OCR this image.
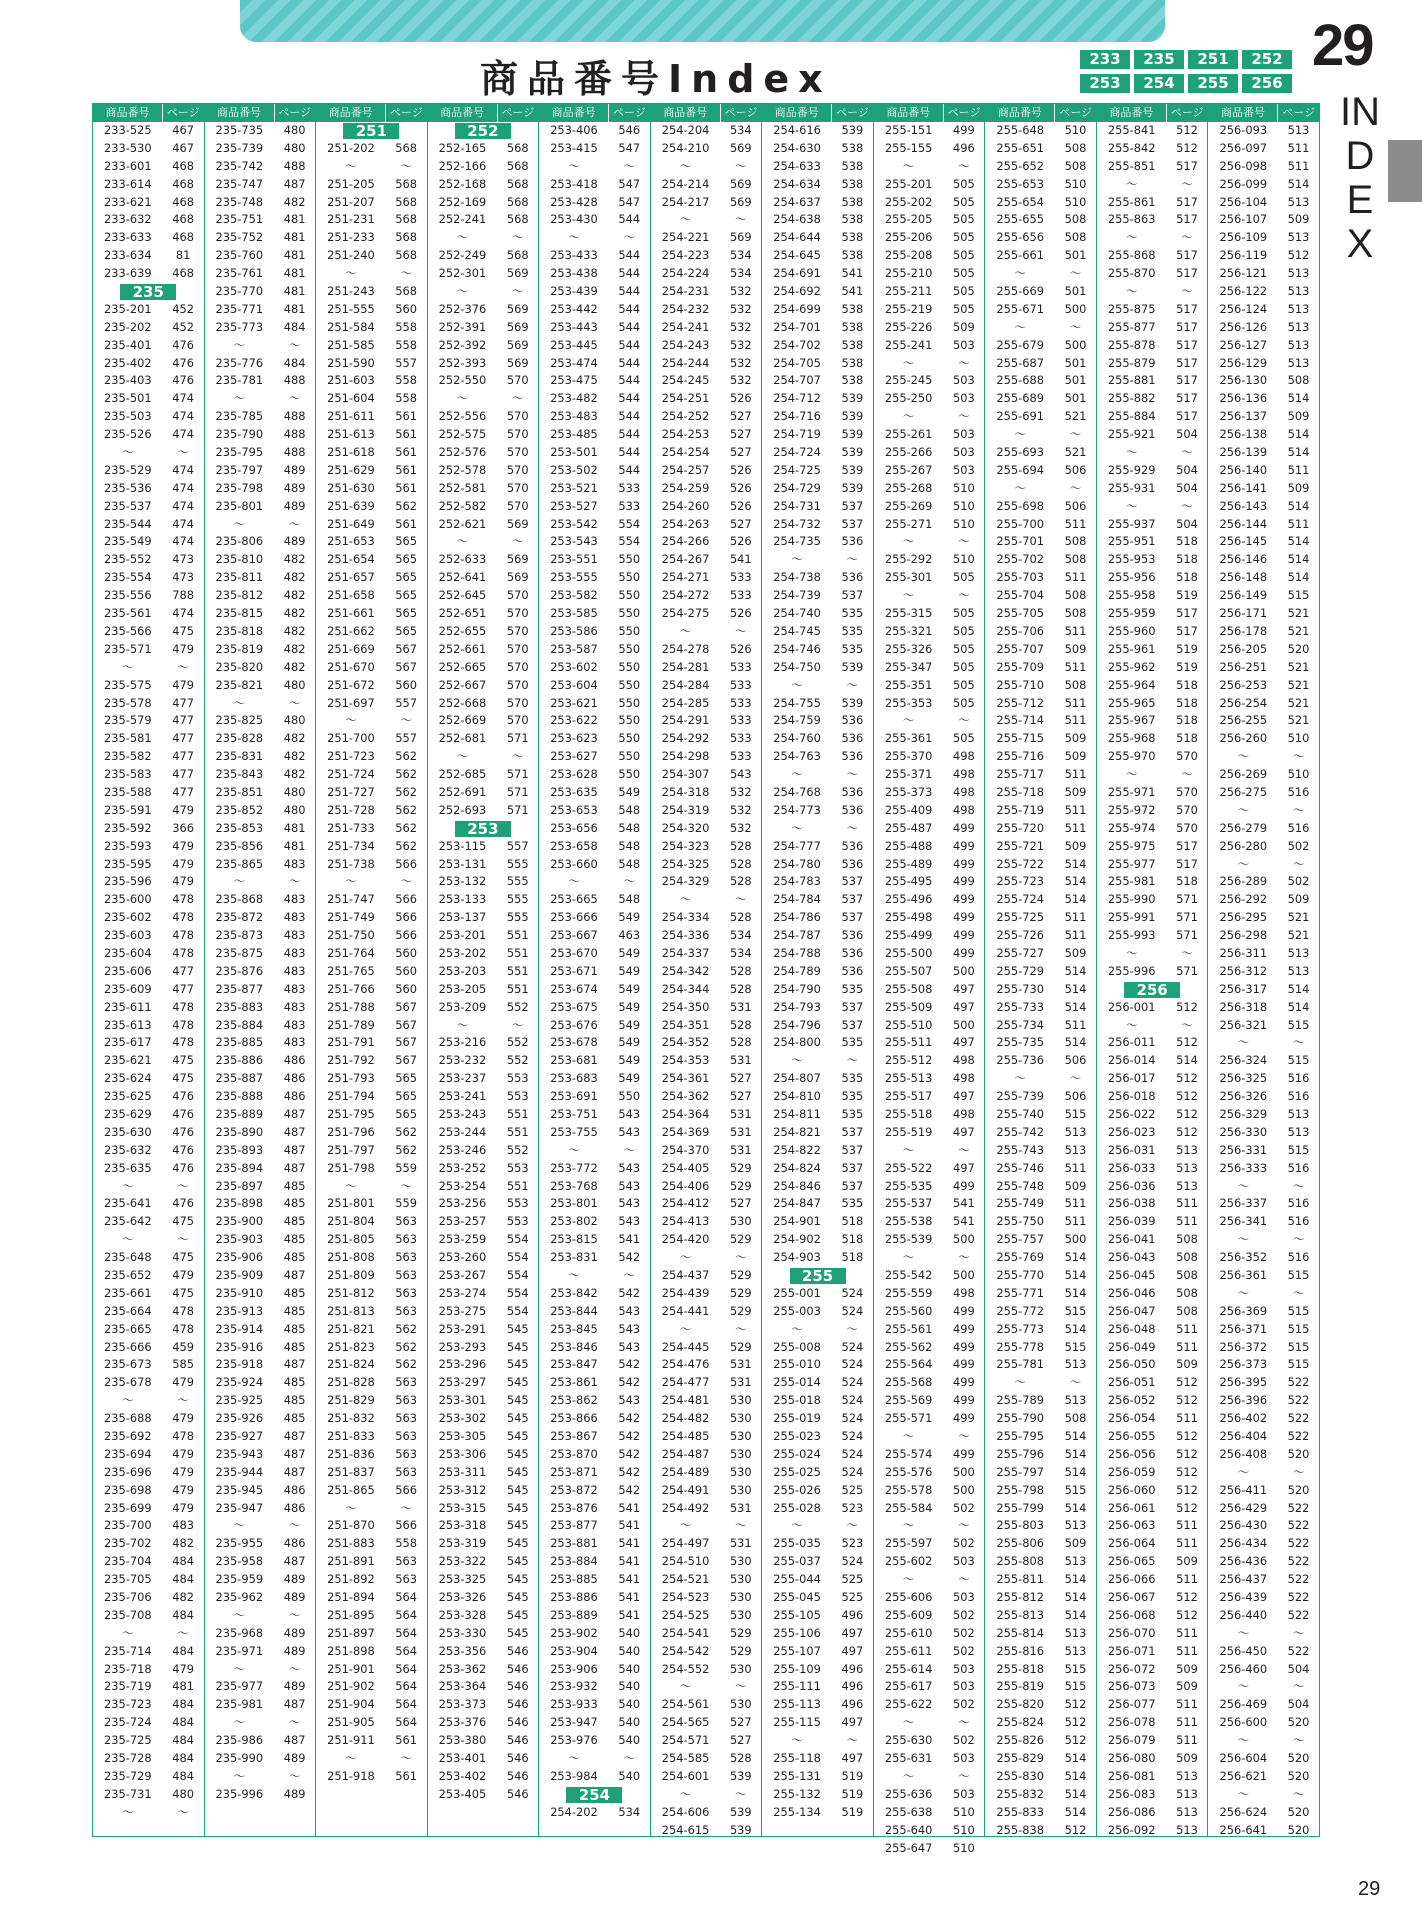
商品番号Index	233	235	251	252
253	254	255	256
29
INDEX
商品番号	ページ
233-525	467
233-530	467
233-601	468
233-614	468
233-621	468
233-632	468
233-633	468
233-634	81
233-639	468
235
235-201	452
235-202	452
235-401	476
235-402	476
235-403	476
235-501	474
235-503	474
235-526	474
～	～
235-529	474
235-536	474
235-537	474
235-544	474
235-549	474
235-552	473
235-554	473
235-556	788
235-561	474
235-566	475
235-571	479
～	～
235-575	479
235-578	477
235-579	477
235-581	477
235-582	477
235-583	477
235-588	477
235-591	479
235-592	366
235-593	479
235-595	479
235-596	479
235-600	478
235-602	478
235-603	478
235-604	478
235-606	477
235-609	477
235-611	478
235-613	478
235-617	478
235-621	475
235-624	475
235-625	476
235-629	476
235-630	476
235-632	476
235-635	476
～	～
235-641	476
235-642	475
～	～
235-648	475
235-652	479
235-661	475
235-664	478
235-665	478
235-666	459
235-673	585
235-678	479
～	～
235-688	479
235-692	478
235-694	479
235-696	479
235-698	479
235-699	479
235-700	483
235-702	482
235-704	484
235-705	484
235-706	482
235-708	484
～	～
235-714	484
235-718	479
235-719	481
235-723	484
235-724	484
235-725	484
235-728	484
235-729	484
235-731	480
～	～
商品番号	ページ
235-735	480
235-739	480
235-742	488
235-747	487
235-748	482
235-751	481
235-752	481
235-760	481
235-761	481
235-770	481
235-771	481
235-773	484
～	～
235-776	484
235-781	488
～	～
235-785	488
235-790	488
235-795	488
235-797	489
235-798	489
235-801	489
～	～
235-806	489
235-810	482
235-811	482
235-812	482
235-815	482
235-818	482
235-819	482
235-820	482
235-821	480
～	～
235-825	480
235-828	482
235-831	482
235-843	482
235-851	480
235-852	480
235-853	481
235-856	481
235-865	483
～	～
235-868	483
235-872	483
235-873	483
235-875	483
235-876	483
235-877	483
235-883	483
235-884	483
235-885	483
235-886	486
235-887	486
235-888	486
235-889	487
235-890	487
235-893	487
235-894	487
235-897	485
235-898	485
235-900	485
235-903	485
235-906	485
235-909	487
235-910	485
235-913	485
235-914	485
235-916	485
235-918	487
235-924	485
235-925	485
235-926	485
235-927	487
235-943	487
235-944	487
235-945	486
235-947	486
～	～
235-955	486
235-958	487
235-959	489
235-962	489
～	～
235-968	489
235-971	489
～	～
235-977	489
235-981	487
～	～
235-986	487
235-990	489
～	～
235-996	489
商品番号	ページ
251
251-202	568
～	～
251-205	568
251-207	568
251-231	568
251-233	568
251-240	568
～	～
251-243	568
251-555	560
251-584	558
251-585	558
251-590	557
251-603	558
251-604	558
251-611	561
251-613	561
251-618	561
251-629	561
251-630	561
251-639	562
251-649	561
251-653	565
251-654	565
251-657	565
251-658	565
251-661	565
251-662	565
251-669	567
251-670	567
251-672	560
251-697	557
～	～
251-700	557
251-723	562
251-724	562
251-727	562
251-728	562
251-733	562
251-734	562
251-738	566
～	～
251-747	566
251-749	566
251-750	566
251-764	560
251-765	560
251-766	560
251-788	567
251-789	567
251-791	567
251-792	567
251-793	565
251-794	565
251-795	565
251-796	562
251-797	562
251-798	559
～	～
251-801	559
251-804	563
251-805	563
251-808	563
251-809	563
251-812	563
251-813	563
251-821	562
251-823	562
251-824	562
251-828	563
251-829	563
251-832	563
251-833	563
251-836	563
251-837	563
251-865	566
～	～
251-870	566
251-883	558
251-891	563
251-892	563
251-894	564
251-895	564
251-897	564
251-898	564
251-901	564
251-902	564
251-904	564
251-905	564
251-911	561
～	～
251-918	561
商品番号	ページ
252
252-165	568
252-166	568
252-168	568
252-169	568
252-241	568
～	～
252-249	568
252-301	569
～	～
252-376	569
252-391	569
252-392	569
252-393	569
252-550	570
～	～
252-556	570
252-575	570
252-576	570
252-578	570
252-581	570
252-582	570
252-621	569
～	～
252-633	569
252-641	569
252-645	570
252-651	570
252-655	570
252-661	570
252-665	570
252-667	570
252-668	570
252-669	570
252-681	571
～	～
252-685	571
252-691	571
252-693	571
253
253-115	557
253-131	555
253-132	555
253-133	555
253-137	555
253-201	551
253-202	551
253-203	551
253-205	551
253-209	552
～	～
253-216	552
253-232	552
253-237	553
253-241	553
253-243	551
253-244	551
253-246	552
253-252	553
253-254	551
253-256	553
253-257	553
253-259	554
253-260	554
253-267	554
253-274	554
253-275	554
253-291	545
253-293	545
253-296	545
253-297	545
253-301	545
253-302	545
253-305	545
253-306	545
253-311	545
253-312	545
253-315	545
253-318	545
253-319	545
253-322	545
253-325	545
253-326	545
253-328	545
253-330	545
253-356	546
253-362	546
253-364	546
253-373	546
253-376	546
253-380	546
253-401	546
253-402	546
253-405	546
商品番号	ページ
253-406	546
253-415	547
～	～
253-418	547
253-428	547
253-430	544
～	～
253-433	544
253-438	544
253-439	544
253-442	544
253-443	544
253-445	544
253-474	544
253-475	544
253-482	544
253-483	544
253-485	544
253-501	544
253-502	544
253-521	533
253-527	533
253-542	554
253-543	554
253-551	550
253-555	550
253-582	550
253-585	550
253-586	550
253-587	550
253-602	550
253-604	550
253-621	550
253-622	550
253-623	550
253-627	550
253-628	550
253-635	549
253-653	548
253-656	548
253-658	548
253-660	548
～	～
253-665	548
253-666	549
253-667	463
253-670	549
253-671	549
253-674	549
253-675	549
253-676	549
253-678	549
253-681	549
253-683	549
253-691	550
253-751	543
253-755	543
～	～
253-772	543
253-768	543
253-801	543
253-802	543
253-815	541
253-831	542
～	～
253-842	542
253-844	543
253-845	543
253-846	543
253-847	542
253-861	542
253-862	543
253-866	542
253-867	542
253-870	542
253-871	542
253-872	542
253-876	541
253-877	541
253-881	541
253-884	541
253-885	541
253-886	541
253-889	541
253-902	540
253-904	540
253-906	540
253-932	540
253-933	540
253-947	540
253-976	540
～	～
253-984	540
254
254-202	534
商品番号	ページ
254-204	534
254-210	569
～	～
254-214	569
254-217	569
～	～
254-221	569
254-223	534
254-224	534
254-231	532
254-232	532
254-241	532
254-243	532
254-244	532
254-245	532
254-251	526
254-252	527
254-253	527
254-254	527
254-257	526
254-259	526
254-260	526
254-263	527
254-266	526
254-267	541
254-271	533
254-272	533
254-275	526
～	～
254-278	526
254-281	533
254-284	533
254-285	533
254-291	533
254-292	533
254-298	533
254-307	543
254-318	532
254-319	532
254-320	532
254-323	528
254-325	528
254-329	528
～	～
254-334	528
254-336	534
254-337	534
254-342	528
254-344	528
254-350	531
254-351	528
254-352	528
254-353	531
254-361	527
254-362	527
254-364	531
254-369	531
254-370	531
254-405	529
254-406	529
254-412	527
254-413	530
254-420	529
～	～
254-437	529
254-439	529
254-441	529
～	～
254-445	529
254-476	531
254-477	531
254-481	530
254-482	530
254-485	530
254-487	530
254-489	530
254-491	530
254-492	531
～	～
254-497	531
254-510	530
254-521	530
254-523	530
254-525	530
254-541	529
254-542	529
254-552	530
～	～
254-561	530
254-565	527
254-571	527
254-585	528
254-601	539
～	～
254-606	539
254-615	539
商品番号	ページ
254-616	539
254-630	538
254-633	538
254-634	538
254-637	538
254-638	538
254-644	538
254-645	538
254-691	541
254-692	541
254-699	538
254-701	538
254-702	538
254-705	538
254-707	538
254-712	539
254-716	539
254-719	539
254-724	539
254-725	539
254-729	539
254-731	537
254-732	537
254-735	536
～	～
254-738	536
254-739	537
254-740	535
254-745	535
254-746	535
254-750	539
～	～
254-755	539
254-759	536
254-760	536
254-763	536
～	～
254-768	536
254-773	536
～	～
254-777	536
254-780	536
254-783	537
254-784	537
254-786	537
254-787	536
254-788	536
254-789	536
254-790	535
254-793	537
254-796	537
254-800	535
～	～
254-807	535
254-810	535
254-811	535
254-821	537
254-822	537
254-824	537
254-846	537
254-847	535
254-901	518
254-902	518
254-903	518
255
255-001	524
255-003	524
～	～
255-008	524
255-010	524
255-014	524
255-018	524
255-019	524
255-023	524
255-024	524
255-025	524
255-026	525
255-028	523
～	～
255-035	523
255-037	524
255-044	525
255-045	525
255-105	496
255-106	497
255-107	497
255-109	496
255-111	496
255-113	496
255-115	497
～	～
255-118	497
255-131	519
255-132	519
255-134	519
商品番号	ページ
255-151	499
255-155	496
～	～
255-201	505
255-202	505
255-205	505
255-206	505
255-208	505
255-210	505
255-211	505
255-219	505
255-226	509
255-241	503
～	～
255-245	503
255-250	503
～	～
255-261	503
255-266	503
255-267	503
255-268	510
255-269	510
255-271	510
～	～
255-292	510
255-301	505
～	～
255-315	505
255-321	505
255-326	505
255-347	505
255-351	505
255-353	505
～	～
255-361	505
255-370	498
255-371	498
255-373	498
255-409	498
255-487	499
255-488	499
255-489	499
255-495	499
255-496	499
255-498	499
255-499	499
255-500	499
255-507	500
255-508	497
255-509	497
255-510	500
255-511	497
255-512	498
255-513	498
255-517	497
255-518	498
255-519	497
～	～
255-522	497
255-535	499
255-537	541
255-538	541
255-539	500
～	～
255-542	500
255-559	498
255-560	499
255-561	499
255-562	499
255-564	499
255-568	499
255-569	499
255-571	499
～	～
255-574	499
255-576	500
255-578	500
255-584	502
～	～
255-597	502
255-602	503
～	～
255-606	503
255-609	502
255-610	502
255-611	502
255-614	503
255-617	503
255-622	502
～	～
255-630	502
255-631	503
～	～
255-636	503
255-638	510
255-640	510
255-647	510
商品番号	ページ
255-648	510
255-651	508
255-652	508
255-653	510
255-654	510
255-655	508
255-656	508
255-661	501
～	～
255-669	501
255-671	500
～	～
255-679	500
255-687	501
255-688	501
255-689	501
255-691	521
～	～
255-693	521
255-694	506
～	～
255-698	506
255-700	511
255-701	508
255-702	508
255-703	511
255-704	508
255-705	508
255-706	511
255-707	509
255-709	511
255-710	508
255-712	511
255-714	511
255-715	509
255-716	509
255-717	511
255-718	509
255-719	511
255-720	511
255-721	509
255-722	514
255-723	514
255-724	514
255-725	511
255-726	511
255-727	509
255-729	514
255-730	514
255-733	514
255-734	511
255-735	514
255-736	506
～	～
255-739	506
255-740	515
255-742	513
255-743	513
255-746	511
255-748	509
255-749	511
255-750	511
255-757	500
255-769	514
255-770	514
255-771	514
255-772	515
255-773	514
255-778	515
255-781	513
～	～
255-789	513
255-790	508
255-795	514
255-796	514
255-797	514
255-798	515
255-799	514
255-803	513
255-806	509
255-808	513
255-811	514
255-812	514
255-813	514
255-814	513
255-816	513
255-818	515
255-819	515
255-820	512
255-824	512
255-826	512
255-829	514
255-830	514
255-832	514
255-833	514
255-838	512
商品番号	ページ
255-841	512
255-842	512
255-851	517
～	～
255-861	517
255-863	517
～	～
255-868	517
255-870	517
～	～
255-875	517
255-877	517
255-878	517
255-879	517
255-881	517
255-882	517
255-884	517
255-921	504
～	～
255-929	504
255-931	504
～	～
255-937	504
255-951	518
255-953	518
255-956	518
255-958	519
255-959	517
255-960	517
255-961	519
255-962	519
255-964	518
255-965	518
255-967	518
255-968	518
255-970	570
～	～
255-971	570
255-972	570
255-974	570
255-975	517
255-977	517
255-981	518
255-990	571
255-991	571
255-993	571
～	～
255-996	571
256
256-001	512
～	～
256-011	512
256-014	514
256-017	512
256-018	512
256-022	512
256-023	512
256-031	513
256-033	513
256-036	513
256-038	511
256-039	511
256-041	508
256-043	508
256-045	508
256-046	508
256-047	508
256-048	511
256-049	511
256-050	509
256-051	512
256-052	512
256-054	511
256-055	512
256-056	512
256-059	512
256-060	512
256-061	512
256-063	511
256-064	511
256-065	509
256-066	511
256-067	512
256-068	512
256-070	511
256-071	511
256-072	509
256-073	509
256-077	511
256-078	511
256-079	511
256-080	509
256-081	513
256-083	513
256-086	513
256-092	513
商品番号	ページ
256-093	513
256-097	511
256-098	511
256-099	514
256-104	513
256-107	509
256-109	513
256-119	512
256-121	513
256-122	513
256-124	513
256-126	513
256-127	513
256-129	513
256-130	508
256-136	514
256-137	509
256-138	514
256-139	514
256-140	511
256-141	509
256-143	514
256-144	511
256-145	514
256-146	514
256-148	514
256-149	515
256-171	521
256-178	521
256-205	520
256-251	521
256-253	521
256-254	521
256-255	521
256-260	510
～	～
256-269	510
256-275	516
～	～
256-279	516
256-280	502
～	～
256-289	502
256-292	509
256-295	521
256-298	521
256-311	513
256-312	513
256-317	514
256-318	514
256-321	515
～	～
256-324	515
256-325	516
256-326	516
256-329	513
256-330	513
256-331	515
256-333	516
～	～
256-337	516
256-341	516
～	～
256-352	516
256-361	515
～	～
256-369	515
256-371	515
256-372	515
256-373	515
256-395	522
256-396	522
256-402	522
256-404	522
256-408	520
～	～
256-411	520
256-429	522
256-430	522
256-434	522
256-436	522
256-437	522
256-439	522
256-440	522
～	～
256-450	522
256-460	504
～	～
256-469	504
256-600	520
～	～
256-604	520
256-621	520
～	～
256-624	520
256-641	520
29
